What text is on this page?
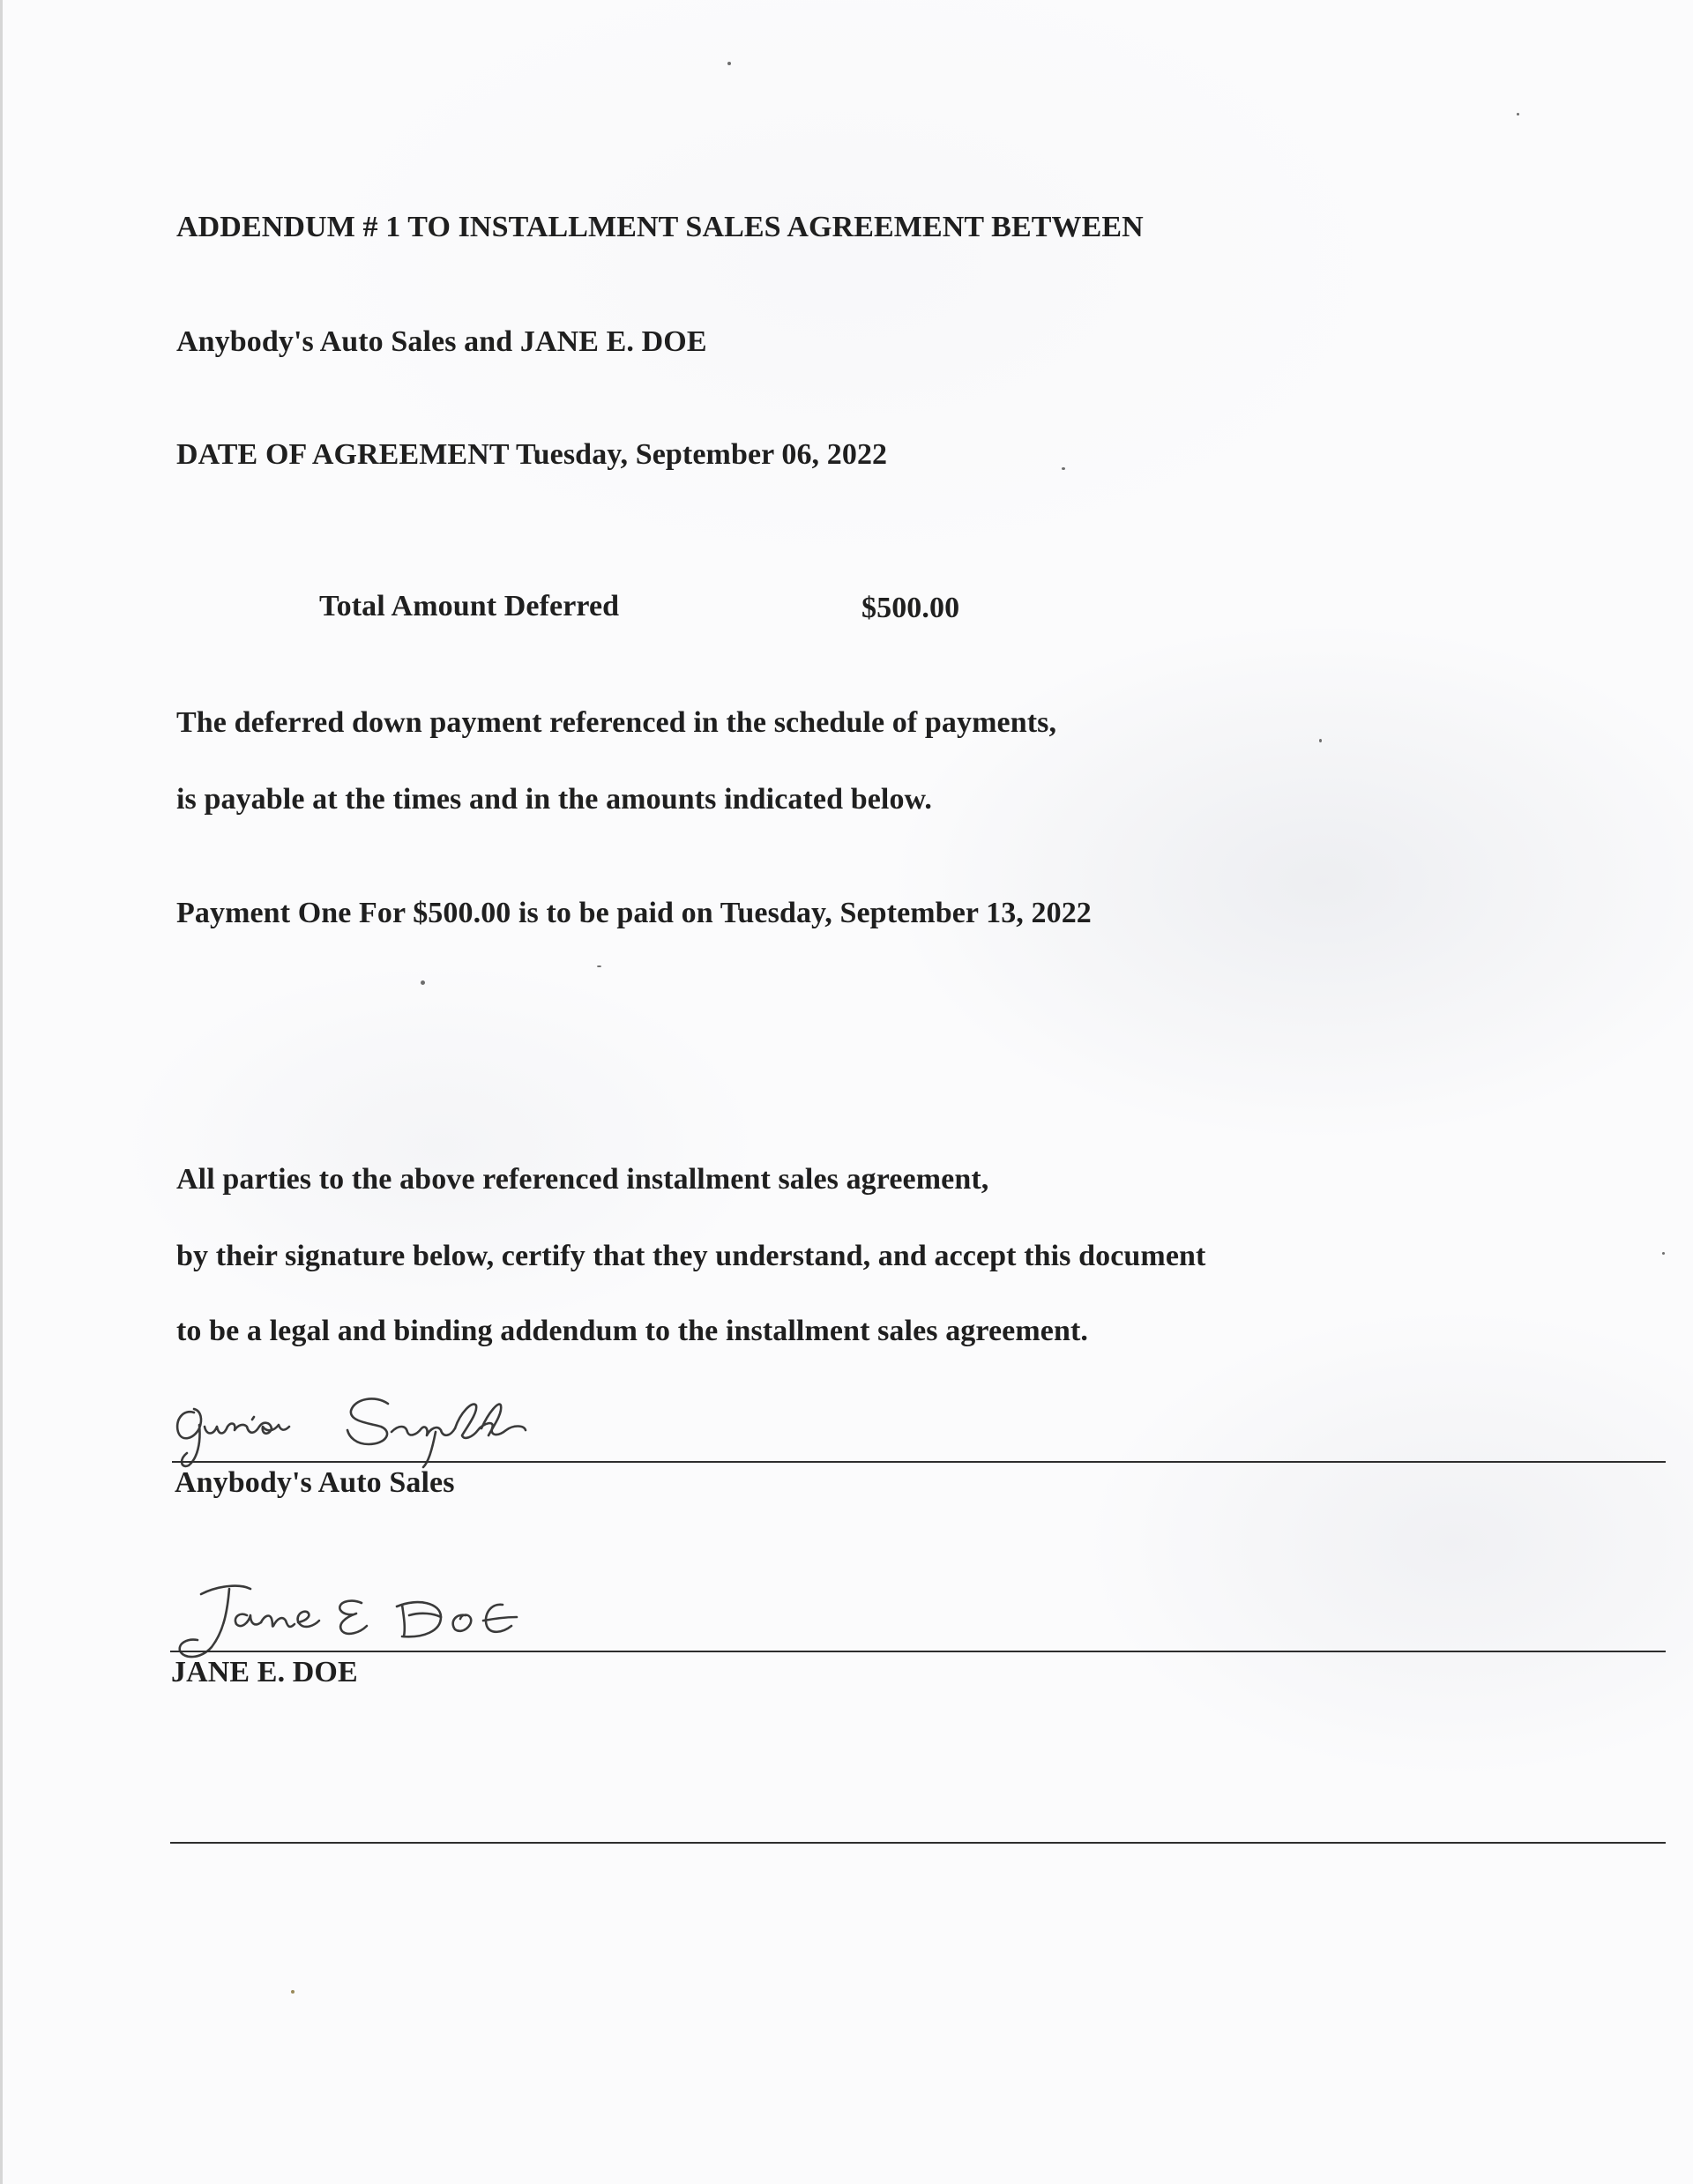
ADDENDUM # 1 TO INSTALLMENT SALES AGREEMENT BETWEEN

Anybody's Auto Sales and JANE E. DOE

DATE OF AGREEMENT Tuesday, September 06, 2022

Total Amount Deferred	$500.00

The deferred down payment referenced in the schedule of payments,

is payable at the times and in the amounts indicated below.

Payment One For $500.00 is to be paid on Tuesday, September 13, 2022

All parties to the above referenced installment sales agreement,

by their signature below, certify that they understand, and accept this document

to be a legal and binding addendum to the installment sales agreement.

Anybody's Auto Sales

JANE E. DOE
